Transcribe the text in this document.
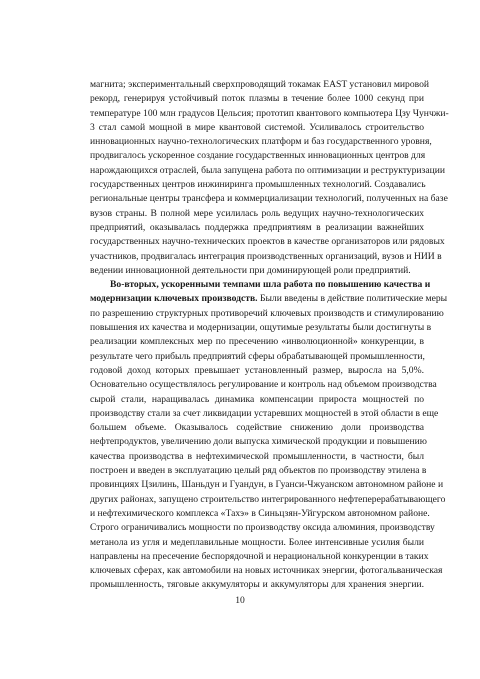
магнита; экспериментальный сверхпроводящий токамак EAST установил мировой
рекорд, генерируя устойчивый поток плазмы в течение более 1000 секунд при
температуре 100 млн градусов Цельсия; прототип квантового компьютера Цзу Чунчжи-
3 стал самой мощной в мире квантовой системой. Усиливалось строительство
инновационных научно-технологических платформ и баз государственного уровня,
продвигалось ускоренное создание государственных инновационных центров для
нарождающихся отраслей, была запущена работа по оптимизации и реструктуризации
государственных центров инжиниринга промышленных технологий. Создавались
региональные центры трансфера и коммерциализации технологий, полученных на базе
вузов страны. В полной мере усилилась роль ведущих научно-технологических
предприятий, оказывалась поддержка предприятиям в реализации важнейших
государственных научно-технических проектов в качестве организаторов или рядовых
участников, продвигалась интеграция производственных организаций, вузов и НИИ в
ведении инновационной деятельности при доминирующей роли предприятий.
Во-вторых, ускоренными темпами шла работа по повышению качества и
модернизации ключевых производств. Были введены в действие политические меры
по разрешению структурных противоречий ключевых производств и стимулированию
повышения их качества и модернизации, ощутимые результаты были достигнуты в
реализации комплексных мер по пресечению «инволюционной» конкуренции, в
результате чего прибыль предприятий сферы обрабатывающей промышленности,
годовой доход которых превышает установленный размер, выросла на 5,0%.
Основательно осуществлялось регулирование и контроль над объемом производства
сырой стали, наращивалась динамика компенсации прироста мощностей по
производству стали за счет ликвидации устаревших мощностей в этой области в еще
большем объеме. Оказывалось содействие снижению доли производства
нефтепродуктов, увеличению доли выпуска химической продукции и повышению
качества производства в нефтехимической промышленности, в частности, был
построен и введен в эксплуатацию целый ряд объектов по производству этилена в
провинциях Цзилинь, Шаньдун и Гуандун, в Гуанси-Чжуанском автономном районе и
других районах, запущено строительство интегрированного нефтеперерабатывающего
и нефтехимического комплекса «Тахэ» в Синьцзян-Уйгурском автономном районе.
Строго ограничивались мощности по производству оксида алюминия, производству
метанола из угля и медеплавильные мощности. Более интенсивные усилия были
направлены на пресечение беспорядочной и нерациональной конкуренции в таких
ключевых сферах, как автомобили на новых источниках энергии, фотогальваническая
промышленность, тяговые аккумуляторы и аккумуляторы для хранения энергии.
10
